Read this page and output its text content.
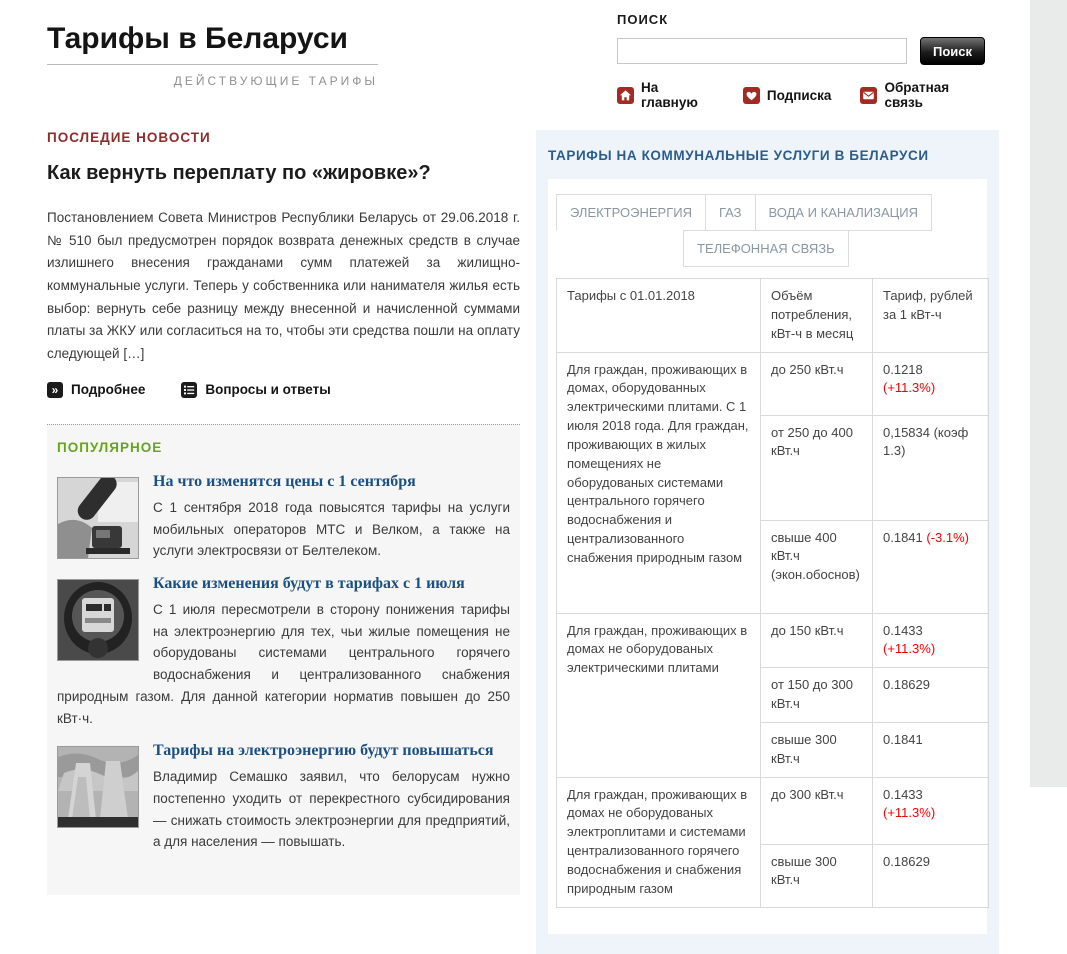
Тарифы в Беларуси
ДЕЙСТВУЮЩИЕ ТАРИФЫ
ПОИСК
Поиск
На главную	Подписка	Обратная связь
ПОСЛЕДИЕ НОВОСТИ
Как вернуть переплату по «жировке»?

Постановлением Совета Министров Республики Беларусь от 29.06.2018 г. № 510 был предусмотрен порядок возврата денежных средств в случае излишнего внесения гражданами сумм платежей за жилищно-коммунальные услуги. Теперь у собственника или нанимателя жилья есть выбор: вернуть себе разницу между внесенной и начисленной суммами платы за ЖКУ или согласиться на то, чтобы эти средства пошли на оплату следующей […]

» Подробнее	Вопросы и ответы
ПОПУЛЯРНОЕ
На что изменятся цены с 1 сентября

С 1 сентября 2018 года повысятся тарифы на услуги мобильных операторов МТС и Велком, а также на услуги электросвязи от Белтелеком.

Какие изменения будут в тарифах с 1 июля

С 1 июля пересмотрели в сторону понижения тарифы на электроэнергию для тех, чьи жилые помещения не оборудованы системами центрального горячего водоснабжения и централизованного снабжения природным газом. Для данной категории норматив повышен до 250 кВт·ч.

Тарифы на электроэнергию будут повышаться

Владимир Семашко заявил, что белорусам нужно постепенно уходить от перекрестного субсидирования — снижать стоимость электроэнергии для предприятий, а для населения — повышать.

ТАРИФЫ НА КОММУНАЛЬНЫЕ УСЛУГИ В БЕЛАРУСИ
ЭЛЕКТРОЭНЕРГИЯ	ГАЗ	ВОДА И КАНАЛИЗАЦИЯ
ТЕЛЕФОННАЯ СВЯЗЬ
Тарифы с 01.01.2018	Объём потребления, кВт-ч в месяц	Тариф, рублей за 1 кВт-ч
Для граждан, проживающих в домах, оборудованных электрическими плитами. С 1 июля 2018 года. Для граждан, проживающих в жилых помещениях не оборудованых системами центрального горячего водоснабжения и централизованного снабжения природным газом	до 250 кВт.ч	0.1218 (+11.3%)
	от 250 до 400 кВт.ч	0,15834 (коэф 1.3)
	свыше 400 кВт.ч (экон.обоснов)	0.1841 (-3.1%)
Для граждан, проживающих в домах не оборудованых электрическими плитами	до 150 кВт.ч	0.1433 (+11.3%)
	от 150 до 300 кВт.ч	0.18629
	свыше 300 кВт.ч	0.1841
Для граждан, проживающих в домах не оборудованых электроплитами и системами централизованного горячего водоснабжения и снабжения природным газом	до 300 кВт.ч	0.1433 (+11.3%)
	свыше 300 кВт.ч	0.18629
